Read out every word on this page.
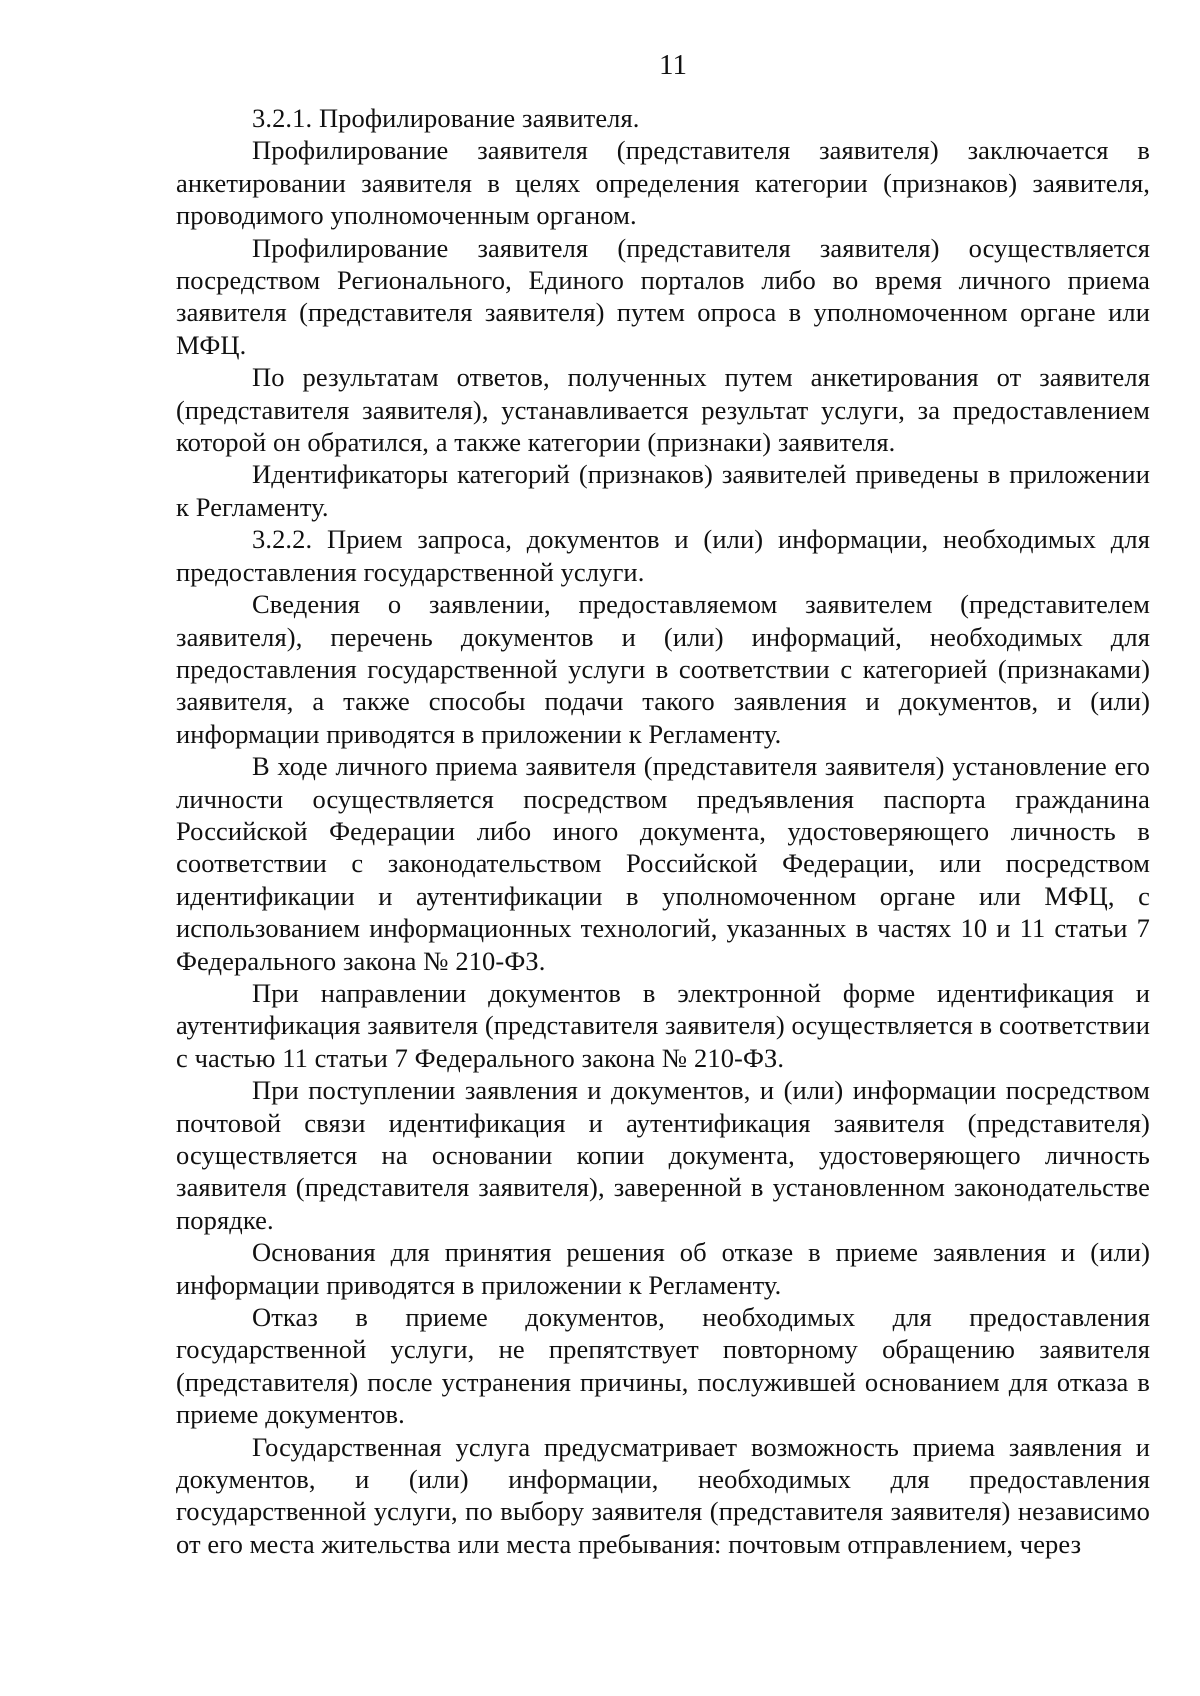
11

3.2.1. Профилирование заявителя.

Профилирование заявителя (представителя заявителя) заключается в анкетировании заявителя в целях определения категории (признаков) заявителя, проводимого уполномоченным органом.

Профилирование заявителя (представителя заявителя) осуществляется посредством Регионального, Единого порталов либо во время личного приема заявителя (представителя заявителя) путем опроса в уполномоченном органе или МФЦ.

По результатам ответов, полученных путем анкетирования от заявителя (представителя заявителя), устанавливается результат услуги, за предоставлением которой он обратился, а также категории (признаки) заявителя.

Идентификаторы категорий (признаков) заявителей приведены в приложении к Регламенту.

3.2.2. Прием запроса, документов и (или) информации, необходимых для предоставления государственной услуги.

Сведения о заявлении, предоставляемом заявителем (представителем заявителя), перечень документов и (или) информаций, необходимых для предоставления государственной услуги в соответствии с категорией (признаками) заявителя, а также способы подачи такого заявления и документов, и (или) информации приводятся в приложении к Регламенту.

В ходе личного приема заявителя (представителя заявителя) установление его личности осуществляется посредством предъявления паспорта гражданина Российской Федерации либо иного документа, удостоверяющего личность в соответствии с законодательством Российской Федерации, или посредством идентификации и аутентификации в уполномоченном органе или МФЦ, с использованием информационных технологий, указанных в частях 10 и 11 статьи 7 Федерального закона № 210-ФЗ.

При направлении документов в электронной форме идентификация и аутентификация заявителя (представителя заявителя) осуществляется в соответствии с частью 11 статьи 7 Федерального закона № 210-ФЗ.

При поступлении заявления и документов, и (или) информации посредством почтовой связи идентификация и аутентификация заявителя (представителя) осуществляется на основании копии документа, удостоверяющего личность заявителя (представителя заявителя), заверенной в установленном законодательстве порядке.

Основания для принятия решения об отказе в приеме заявления и (или) информации приводятся в приложении к Регламенту.

Отказ в приеме документов, необходимых для предоставления государственной услуги, не препятствует повторному обращению заявителя (представителя) после устранения причины, послужившей основанием для отказа в приеме документов.

Государственная услуга предусматривает возможность приема заявления и документов, и (или) информации, необходимых для предоставления государственной услуги, по выбору заявителя (представителя заявителя) независимо от его места жительства или места пребывания: почтовым отправлением, через
